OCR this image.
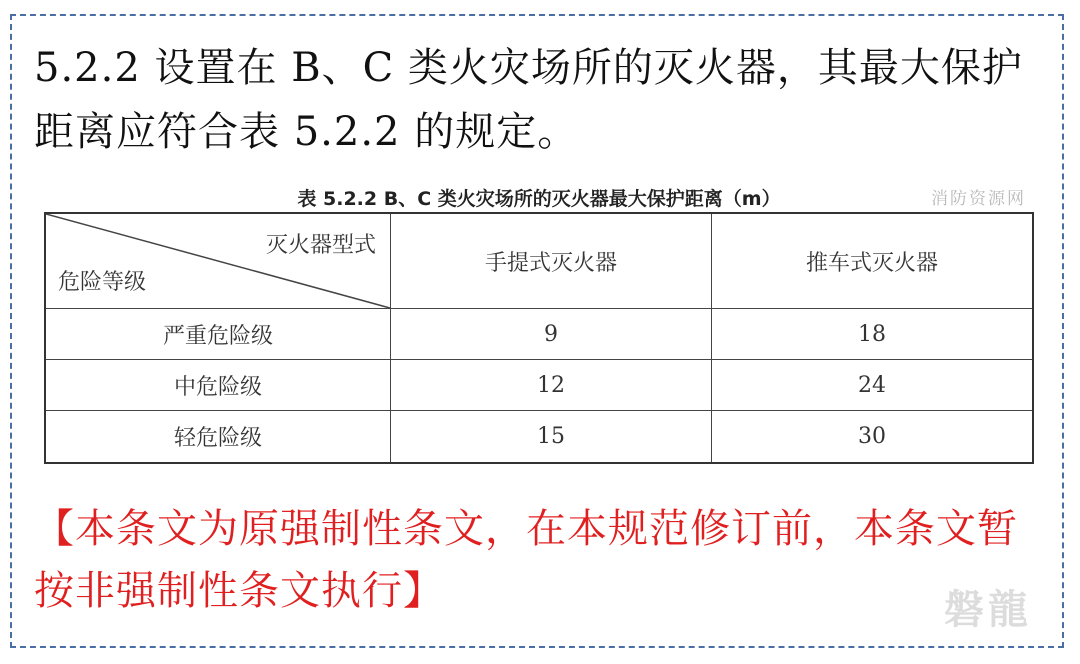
5.2.2 设置在 B、C 类火灾场所的灭火器，其最大保护距离应符合表 5.2.2 的规定。
表 5.2.2 B、C 类火灾场所的灭火器最大保护距离（m）	消防资源网
灭火器型式
危险等级	手提式灭火器	推车式灭火器
严重危险级	9	18
中危险级	12	24
轻危险级	15	30
【本条文为原强制性条文，在本规范修订前，本条文暂按非强制性条文执行】	磐龍
